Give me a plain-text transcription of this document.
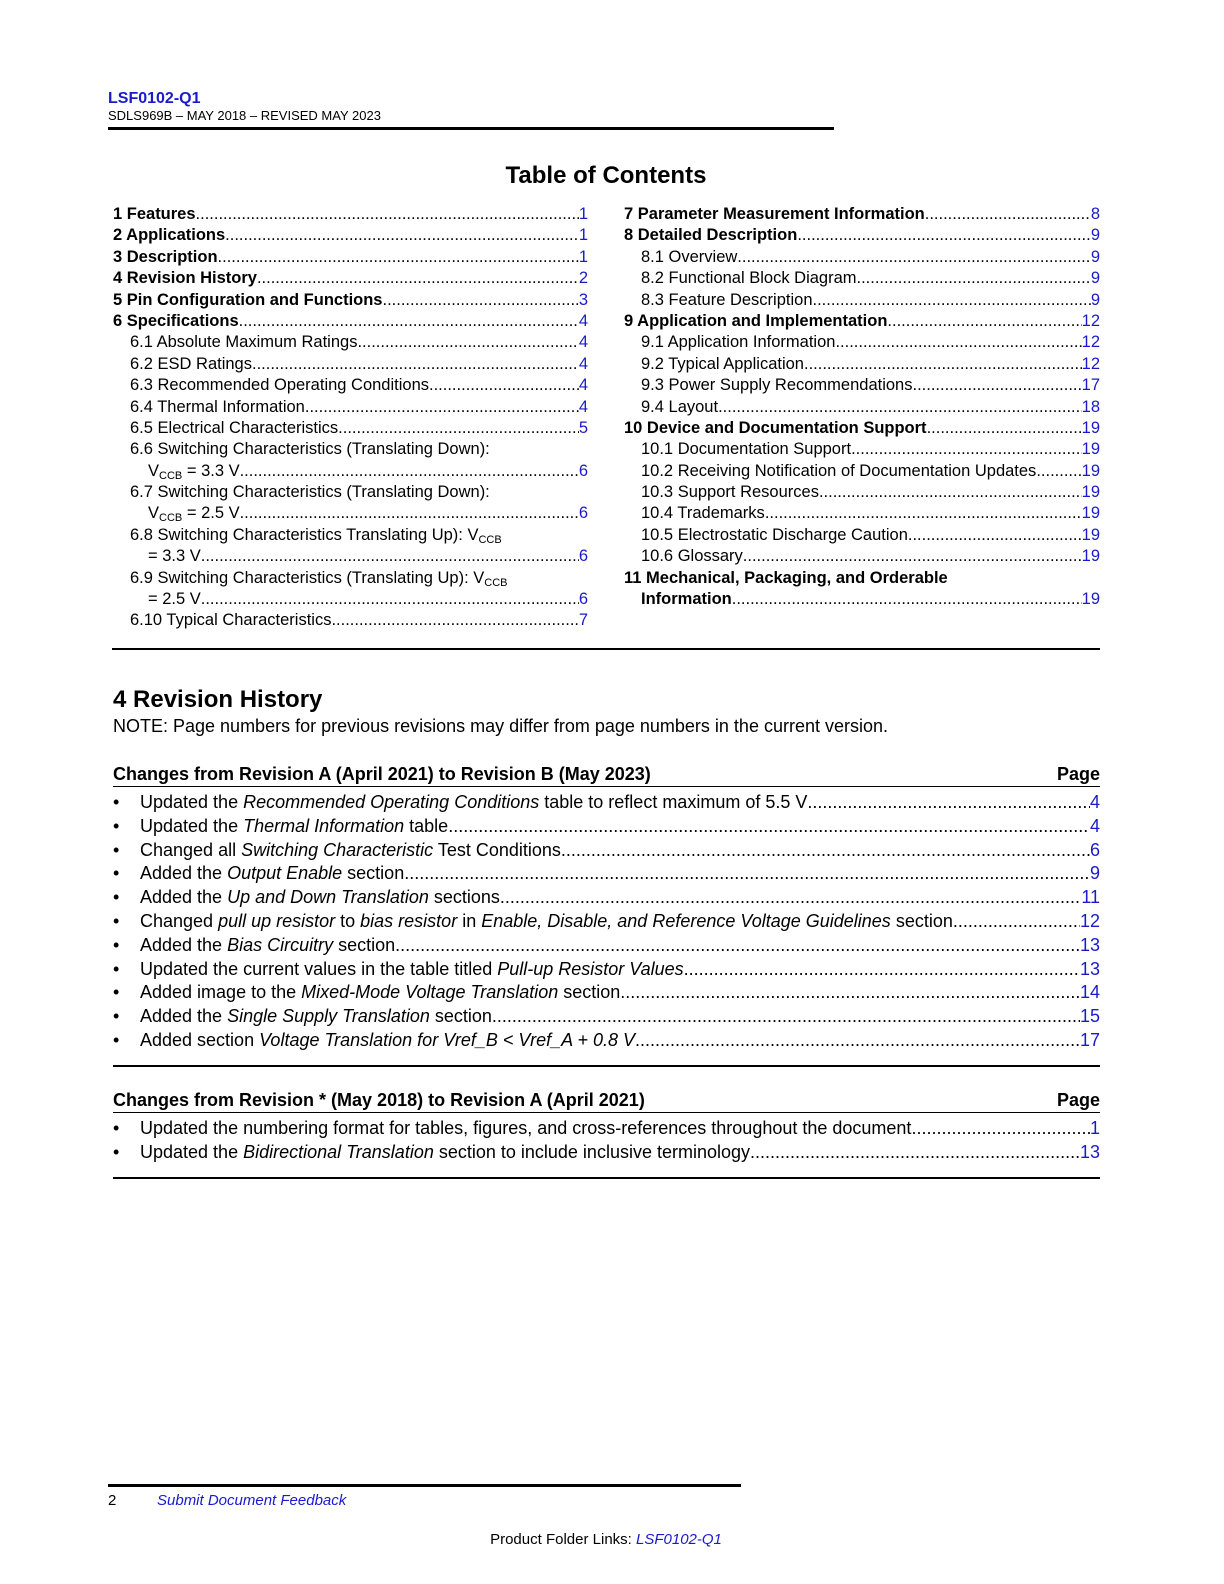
LSF0102-Q1
SDLS969B – MAY 2018 – REVISED MAY 2023
Table of Contents
1 Features .....	1
2 Applications .....	1
3 Description .....	1
4 Revision History .....	2
5 Pin Configuration and Functions .....	3
6 Specifications .....	4
6.1 Absolute Maximum Ratings .....	4
6.2 ESD Ratings .....	4
6.3 Recommended Operating Conditions .....	4
6.4 Thermal Information .....	4
6.5 Electrical Characteristics .....	5
6.6 Switching Characteristics (Translating Down):
$V_{CCB} = 3.3$ V .....	6
6.7 Switching Characteristics (Translating Down):
$V_{CCB} = 2.5$ V .....	6
6.8 Switching Characteristics Translating Up): $V_{CCB}$
= 3.3 V .....	6
6.9 Switching Characteristics (Translating Up): $V_{CCB}$
= 2.5 V .....	6
6.10 Typical Characteristics .....	7
7 Parameter Measurement Information .....	8
8 Detailed Description .....	9
8.1 Overview .....	9
8.2 Functional Block Diagram .....	9
8.3 Feature Description .....	9
9 Application and Implementation .....	12
9.1 Application Information .....	12
9.2 Typical Application .....	12
9.3 Power Supply Recommendations .....	17
9.4 Layout .....	18
10 Device and Documentation Support .....	19
10.1 Documentation Support .....	19
10.2 Receiving Notification of Documentation Updates .....	19
10.3 Support Resources .....	19
10.4 Trademarks .....	19
10.5 Electrostatic Discharge Caution .....	19
10.6 Glossary .....	19
11 Mechanical, Packaging, and Orderable
Information .....	19
4 Revision History
NOTE: Page numbers for previous revisions may differ from page numbers in the current version.
Changes from Revision A (April 2021) to Revision B (May 2023)	Page
•	Updated the Recommended Operating Conditions table to reflect maximum of 5.5 V .....	4
•	Updated the Thermal Information table .....	4
•	Changed all Switching Characteristic Test Conditions .....	6
•	Added the Output Enable section .....	9
•	Added the Up and Down Translation sections .....	11
•	Changed pull up resistor to bias resistor in Enable, Disable, and Reference Voltage Guidelines section .....	12
•	Added the Bias Circuitry section .....	13
•	Updated the current values in the table titled Pull-up Resistor Values .....	13
•	Added image to the Mixed-Mode Voltage Translation section .....	14
•	Added the Single Supply Translation section .....	15
•	Added section Voltage Translation for Vref_B < Vref_A + 0.8 V .....	17
Changes from Revision * (May 2018) to Revision A (April 2021)	Page
•	Updated the numbering format for tables, figures, and cross-references throughout the document .....	1
•	Updated the Bidirectional Translation section to include inclusive terminology .....	13
2	Submit Document Feedback
Product Folder Links: LSF0102-Q1
